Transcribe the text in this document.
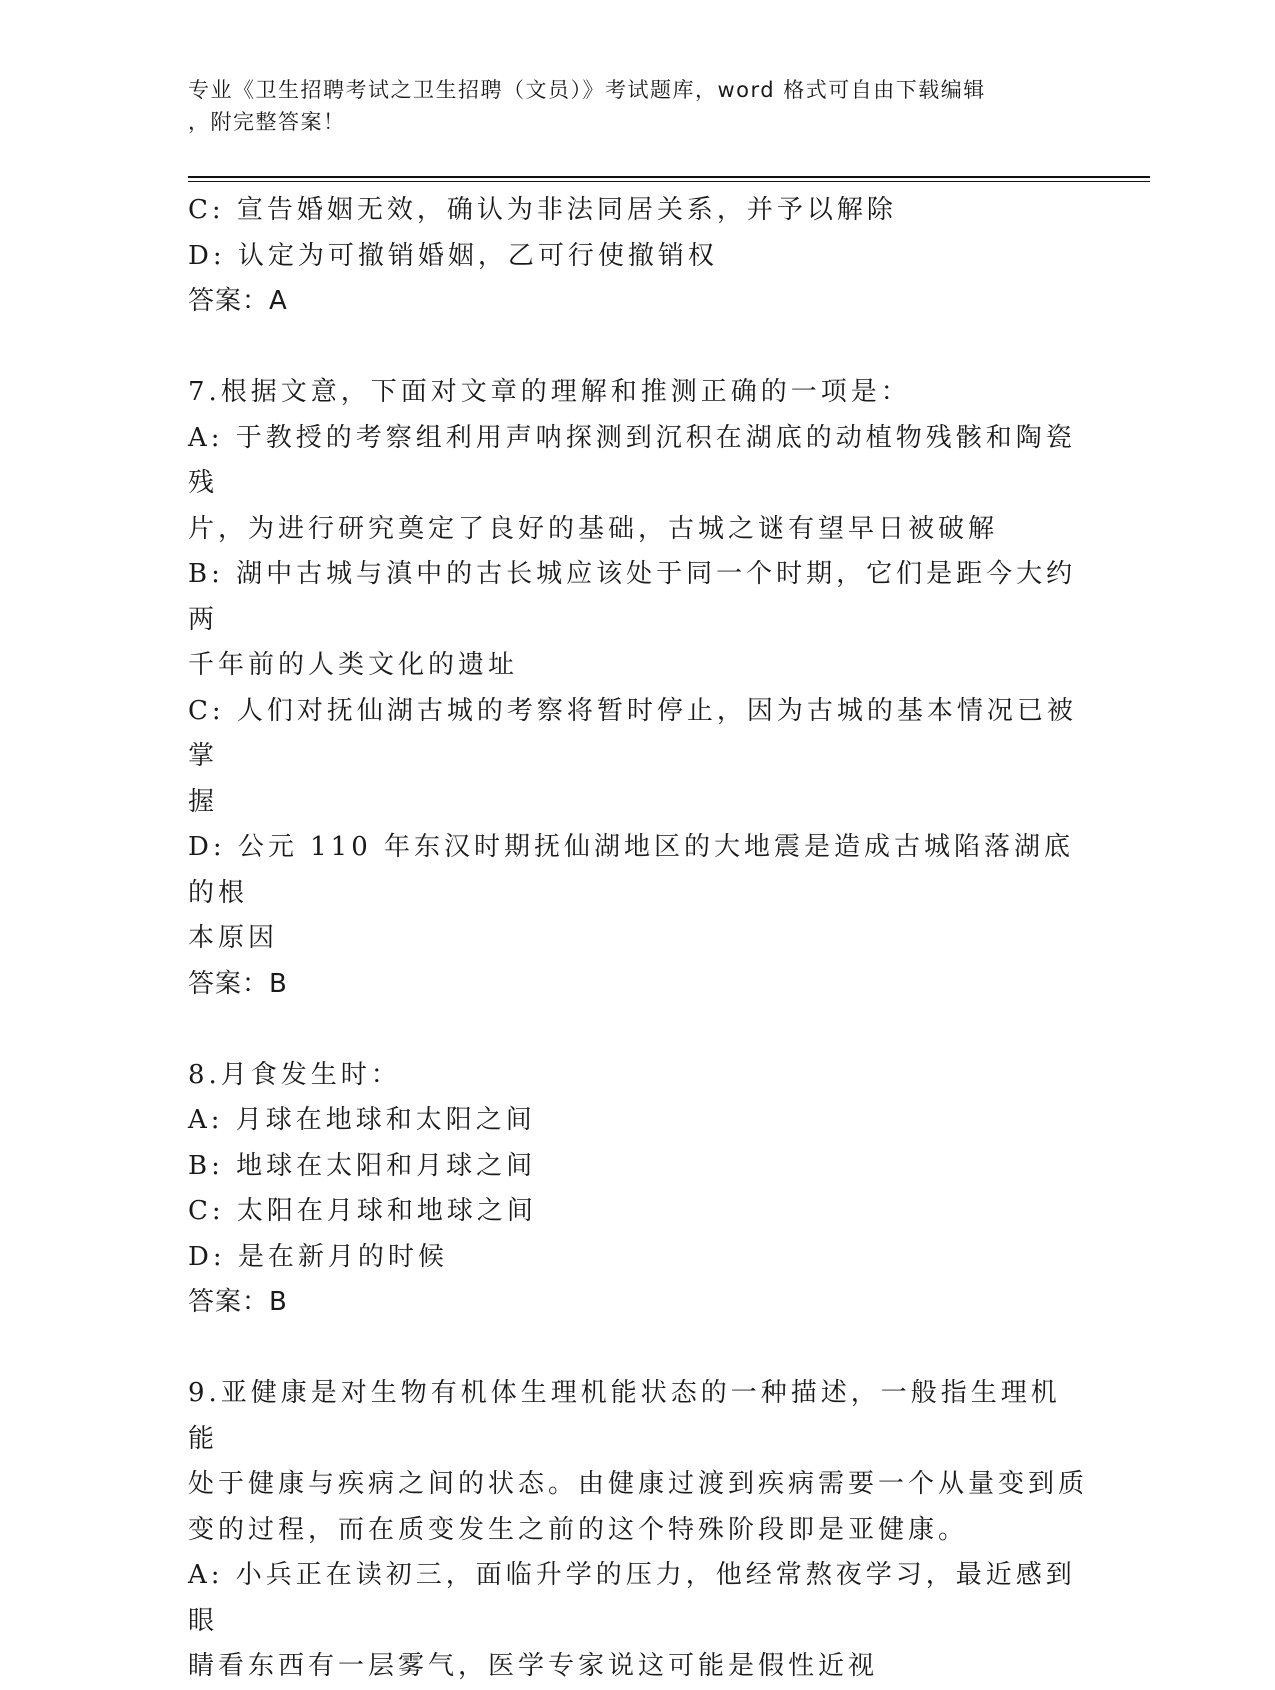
专业《卫生招聘考试之卫生招聘（文员）》考试题库，word 格式可自由下载编辑
，附完整答案！
C: 宣告婚姻无效，确认为非法同居关系，并予以解除
D: 认定为可撤销婚姻，乙可行使撤销权
答案：A
7.根据文意，下面对文章的理解和推测正确的一项是：
A: 于教授的考察组利用声呐探测到沉积在湖底的动植物残骸和陶瓷残
片，为进行研究奠定了良好的基础，古城之谜有望早日被破解
B: 湖中古城与滇中的古长城应该处于同一个时期，它们是距今大约两
千年前的人类文化的遗址
C: 人们对抚仙湖古城的考察将暂时停止，因为古城的基本情况已被掌
握
D: 公元 110 年东汉时期抚仙湖地区的大地震是造成古城陷落湖底的根
本原因
答案：B
8.月食发生时：
A: 月球在地球和太阳之间
B: 地球在太阳和月球之间
C: 太阳在月球和地球之间
D: 是在新月的时候
答案：B
9.亚健康是对生物有机体生理机能状态的一种描述，一般指生理机能
处于健康与疾病之间的状态。由健康过渡到疾病需要一个从量变到质
变的过程，而在质变发生之前的这个特殊阶段即是亚健康。
A: 小兵正在读初三，面临升学的压力，他经常熬夜学习，最近感到眼
睛看东西有一层雾气，医学专家说这可能是假性近视
